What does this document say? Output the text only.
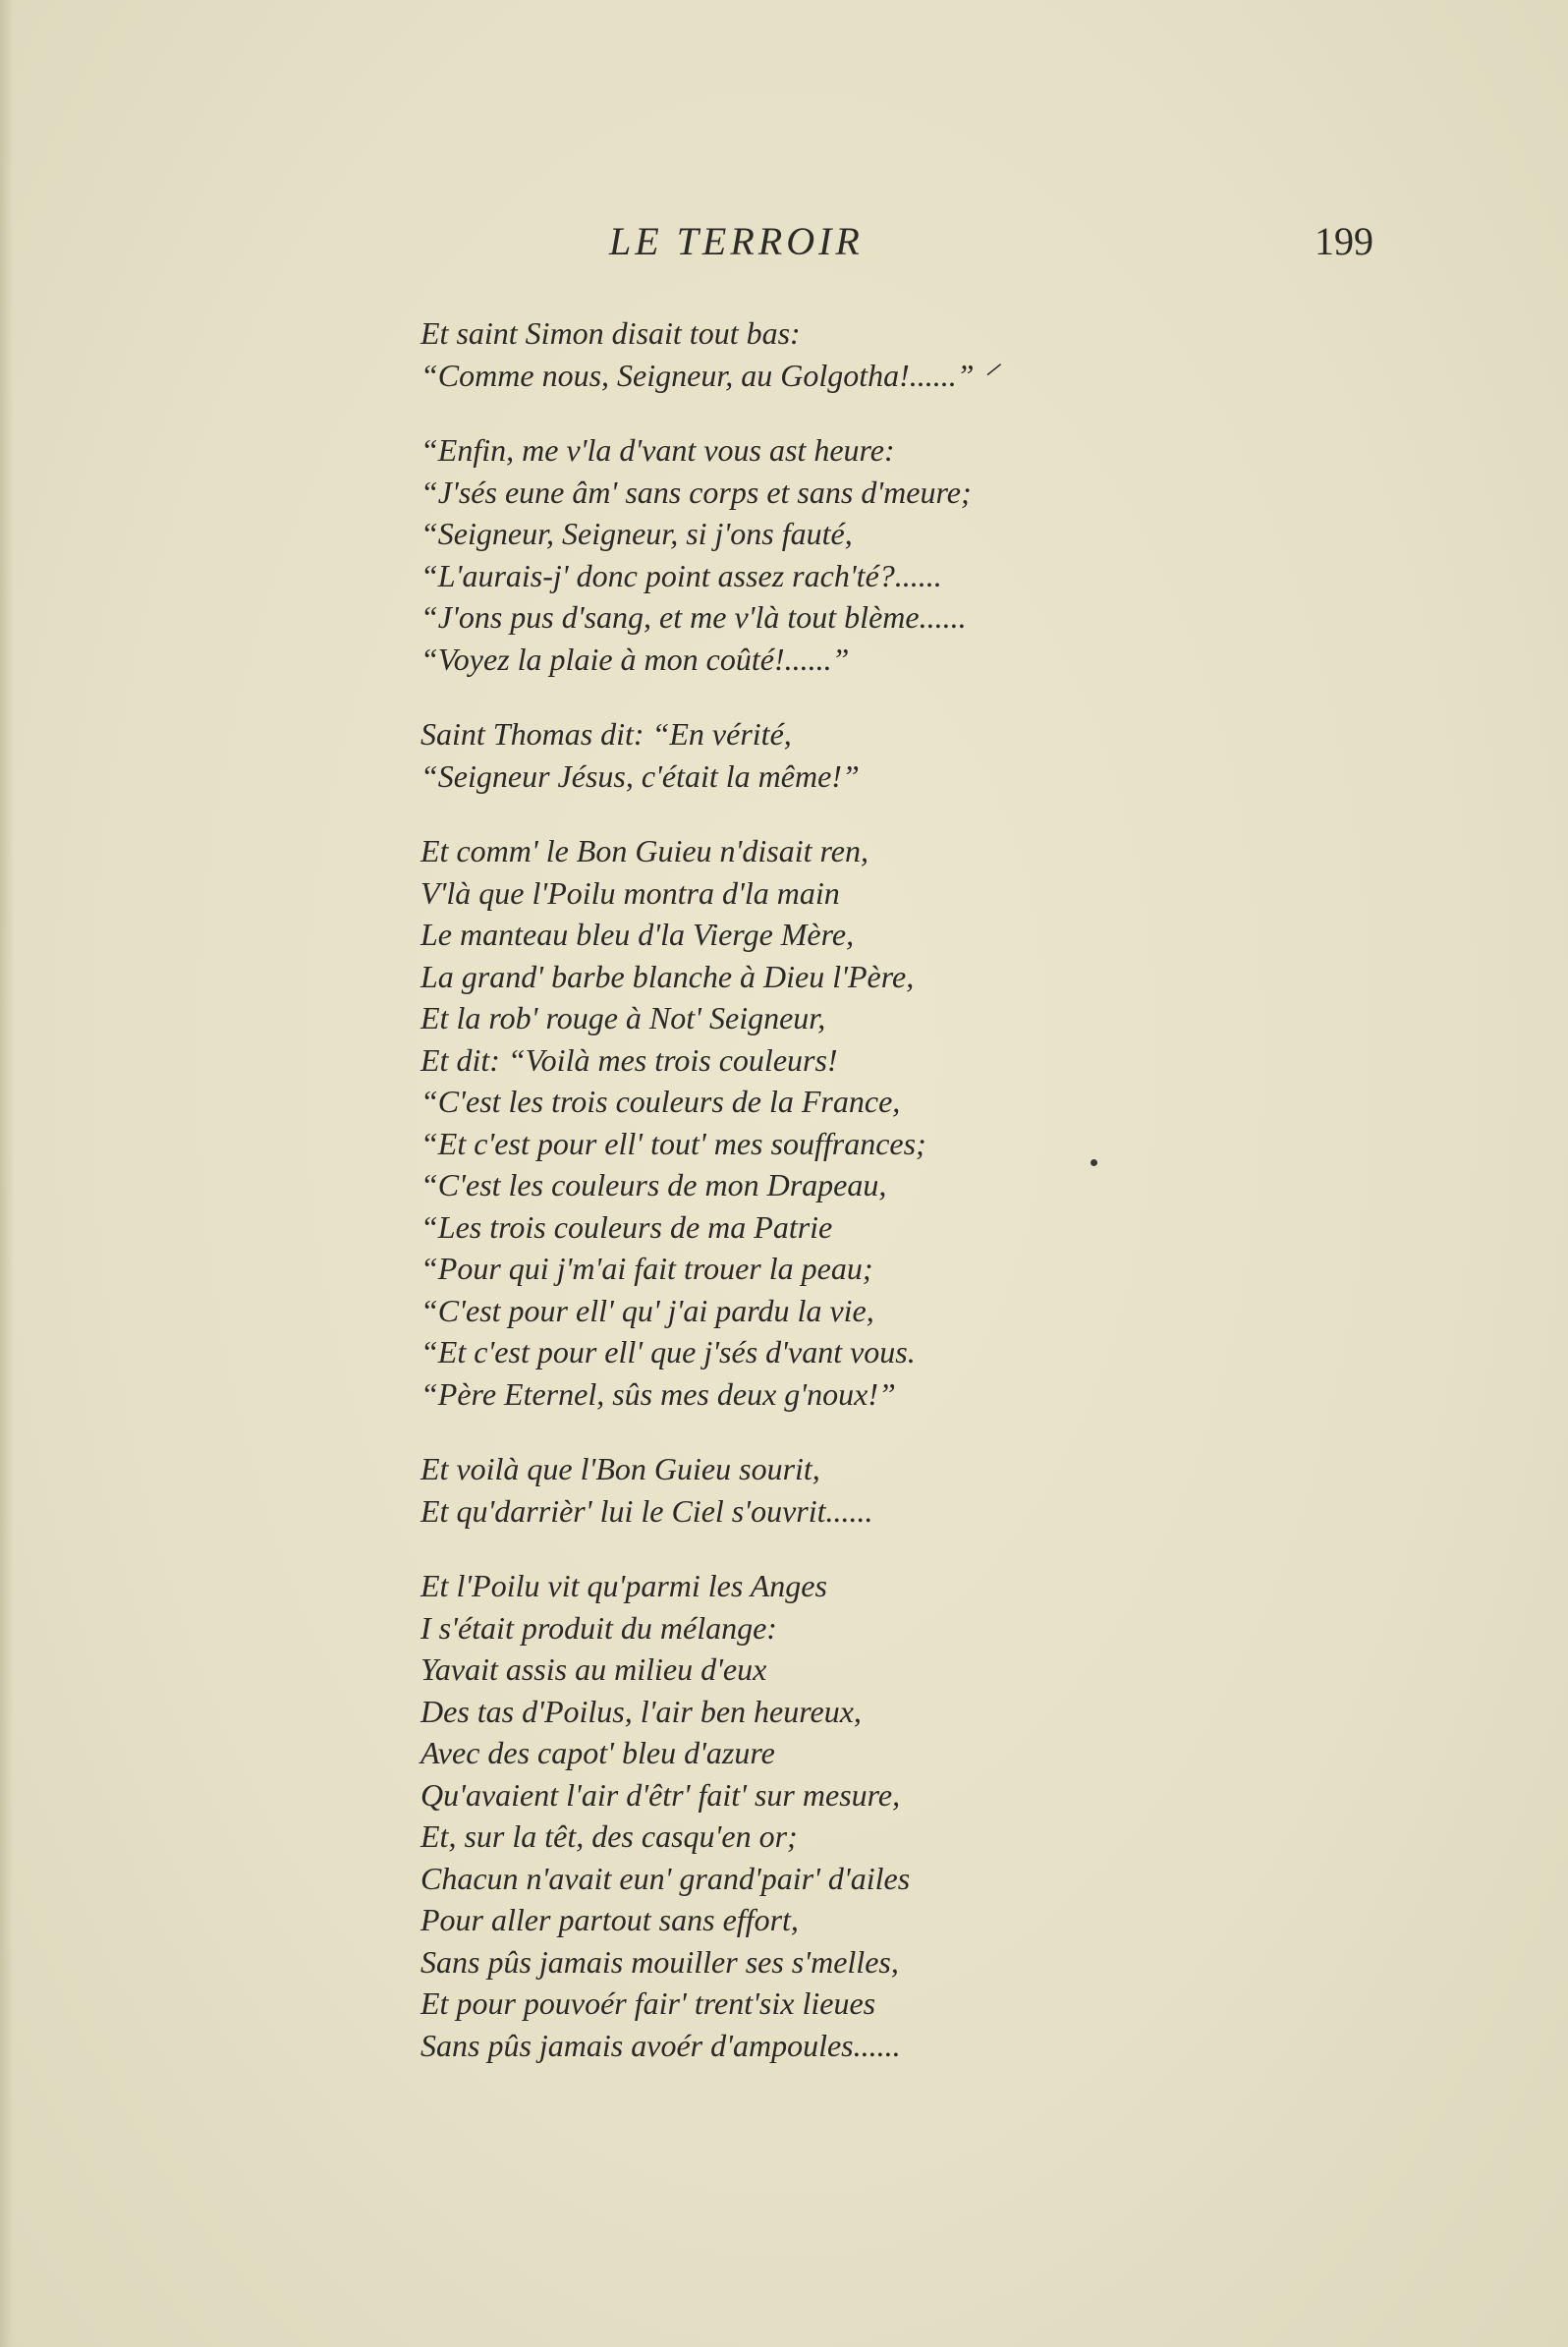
LE TERROIR	199
Et saint Simon disait tout bas:
“Comme nous, Seigneur, au Golgotha!......” ⸍
“Enfin, me v'la d'vant vous ast heure:
“J'sés eune âm' sans corps et sans d'meure;
“Seigneur, Seigneur, si j'ons fauté,
“L'aurais-j' donc point assez rach'té?......
“J'ons pus d'sang, et me v'là tout blème......
“Voyez la plaie à mon coûté!......”
Saint Thomas dit: “En vérité,
“Seigneur Jésus, c'était la même!”
Et comm' le Bon Guieu n'disait ren,
V'là que l'Poilu montra d'la main
Le manteau bleu d'la Vierge Mère,
La grand' barbe blanche à Dieu l'Père,
Et la rob' rouge à Not' Seigneur,
Et dit: “Voilà mes trois couleurs!
“C'est les trois couleurs de la France,
“Et c'est pour ell' tout' mes souffrances;
“C'est les couleurs de mon Drapeau,
“Les trois couleurs de ma Patrie
“Pour qui j'm'ai fait trouer la peau;
“C'est pour ell' qu' j'ai pardu la vie,
“Et c'est pour ell' que j'sés d'vant vous.
“Père Eternel, sûs mes deux g'noux!”
Et voilà que l'Bon Guieu sourit,
Et qu'darrièr' lui le Ciel s'ouvrit......
Et l'Poilu vit qu'parmi les Anges
I s'était produit du mélange:
Yavait assis au milieu d'eux
Des tas d'Poilus, l'air ben heureux,
Avec des capot' bleu d'azure
Qu'avaient l'air d'êtr' fait' sur mesure,
Et, sur la têt, des casqu'en or;
Chacun n'avait eun' grand'pair' d'ailes
Pour aller partout sans effort,
Sans pûs jamais mouiller ses s'melles,
Et pour pouvoér fair' trent'six lieues
Sans pûs jamais avoér d'ampoules......
